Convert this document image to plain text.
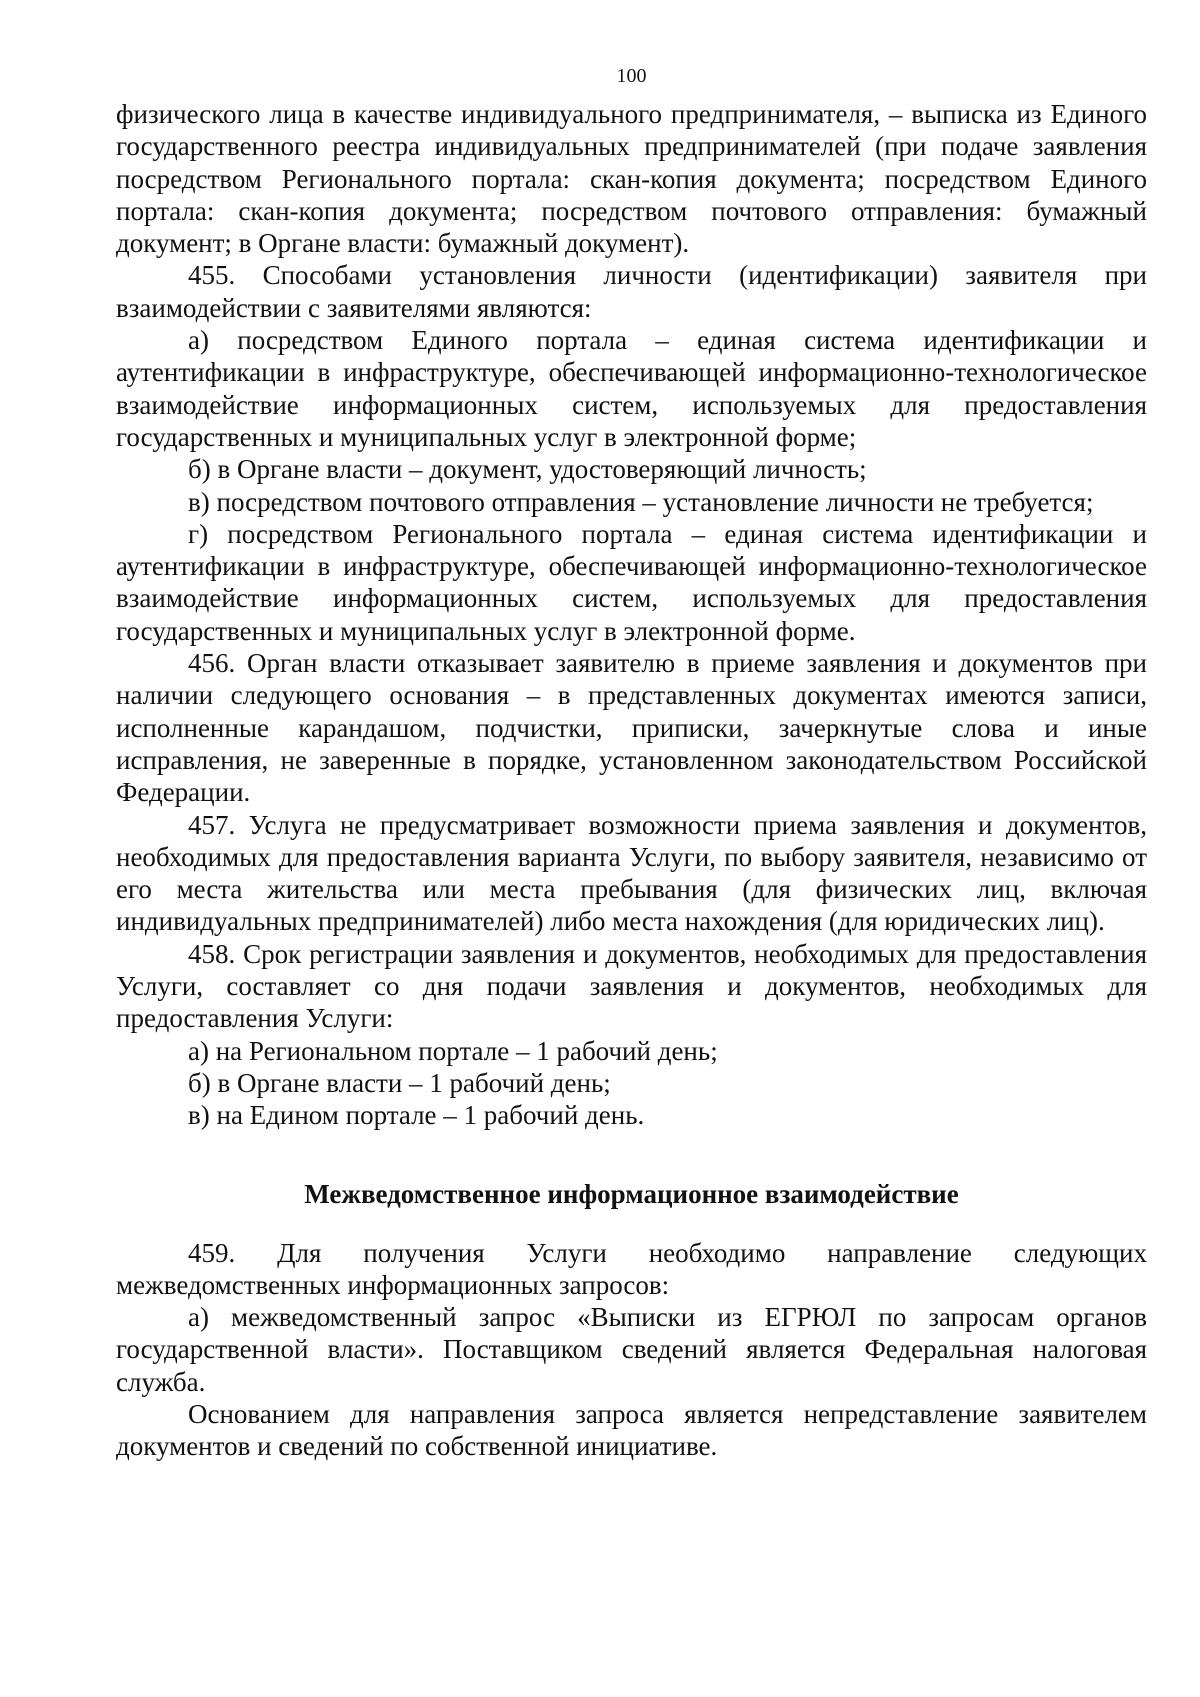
100

физического лица в качестве индивидуального предпринимателя, – выписка из Единого государственного реестра индивидуальных предпринимателей (при подаче заявления посредством Регионального портала: скан-копия документа; посредством Единого портала: скан-копия документа; посредством почтового отправления: бумажный документ; в Органе власти: бумажный документ).

455. Способами установления личности (идентификации) заявителя при взаимодействии с заявителями являются:

а) посредством Единого портала – единая система идентификации и аутентификации в инфраструктуре, обеспечивающей информационно-технологическое взаимодействие информационных систем, используемых для предоставления государственных и муниципальных услуг в электронной форме;

б) в Органе власти – документ, удостоверяющий личность;

в) посредством почтового отправления – установление личности не требуется;

г) посредством Регионального портала – единая система идентификации и аутентификации в инфраструктуре, обеспечивающей информационно-технологическое взаимодействие информационных систем, используемых для предоставления государственных и муниципальных услуг в электронной форме.

456. Орган власти отказывает заявителю в приеме заявления и документов при наличии следующего основания – в представленных документах имеются записи, исполненные карандашом, подчистки, приписки, зачеркнутые слова и иные исправления, не заверенные в порядке, установленном законодательством Российской Федерации.

457. Услуга не предусматривает возможности приема заявления и документов, необходимых для предоставления варианта Услуги, по выбору заявителя, независимо от его места жительства или места пребывания (для физических лиц, включая индивидуальных предпринимателей) либо места нахождения (для юридических лиц).

458. Срок регистрации заявления и документов, необходимых для предоставления Услуги, составляет со дня подачи заявления и документов, необходимых для предоставления Услуги:

а) на Региональном портале – 1 рабочий день;

б) в Органе власти – 1 рабочий день;

в) на Едином портале – 1 рабочий день.

Межведомственное информационное взаимодействие

459. Для получения Услуги необходимо направление следующих межведомственных информационных запросов:

а) межведомственный запрос «Выписки из ЕГРЮЛ по запросам органов государственной власти». Поставщиком сведений является Федеральная налоговая служба.

Основанием для направления запроса является непредставление заявителем документов и сведений по собственной инициативе.
